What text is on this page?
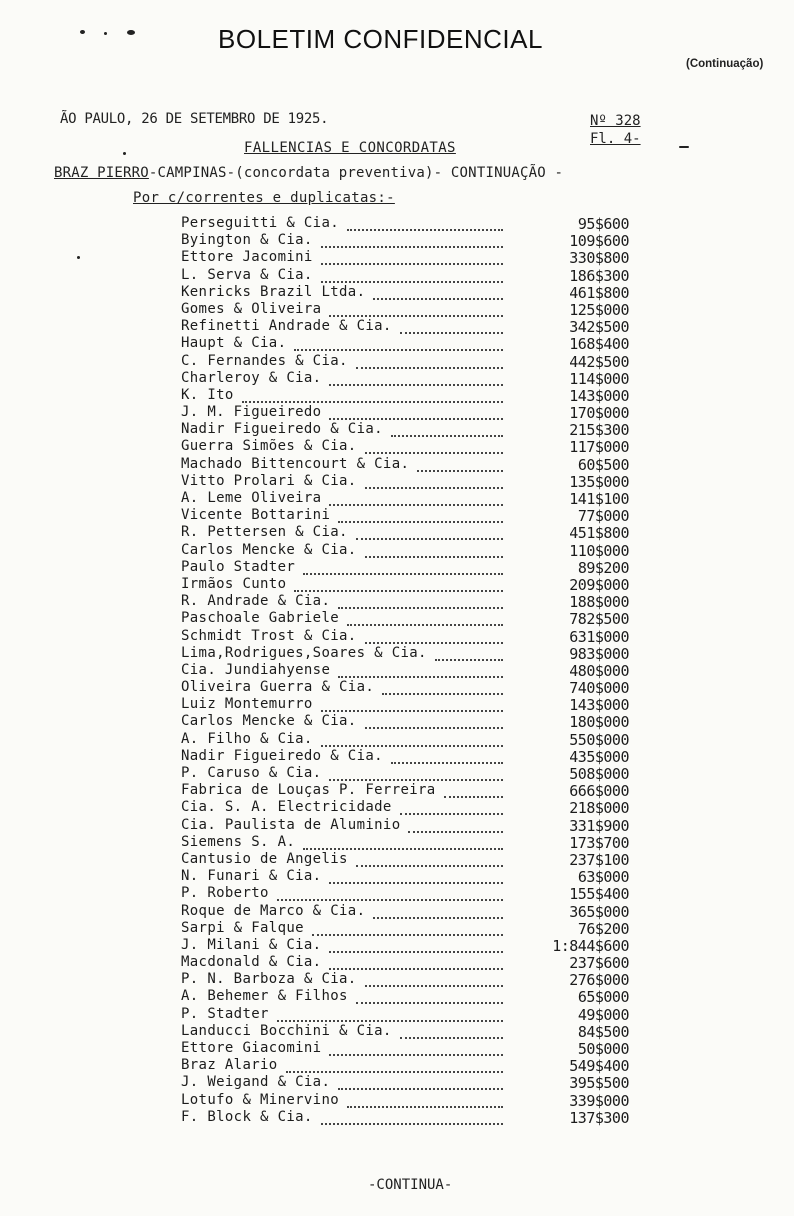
BOLETIM CONFIDENCIAL
(Continuação)
ÃO PAULO, 26 DE SETEMBRO DE 1925.	Nº 328
Fl. 4-
FALLENCIAS E CONCORDATAS
BRAZ PIERRO-CAMPINAS-(concordata preventiva)- CONTINUAÇÃO -
Por c/correntes e duplicatas:-
Perseguitti & Cia.	95$600
Byington & Cia.	109$600
Ettore Jacomini	330$800
L. Serva & Cia.	186$300
Kenricks Brazil Ltda.	461$800
Gomes & Oliveira	125$000
Refinetti Andrade & Cia.	342$500
Haupt & Cia.	168$400
C. Fernandes & Cia.	442$500
Charleroy & Cia.	114$000
K. Ito	143$000
J. M. Figueiredo	170$000
Nadir Figueiredo & Cia.	215$300
Guerra Simões & Cia.	117$000
Machado Bittencourt & Cia.	60$500
Vitto Prolari & Cia.	135$000
A. Leme Oliveira	141$100
Vicente Bottarini	77$000
R. Pettersen & Cia.	451$800
Carlos Mencke & Cia.	110$000
Paulo Stadter	89$200
Irmãos Cunto	209$000
R. Andrade & Cia.	188$000
Paschoale Gabriele	782$500
Schmidt Trost & Cia.	631$000
Lima,Rodrigues,Soares & Cia.	983$000
Cia. Jundiahyense	480$000
Oliveira Guerra & Cia.	740$000
Luiz Montemurro	143$000
Carlos Mencke & Cia.	180$000
A. Filho & Cia.	550$000
Nadir Figueiredo & Cia.	435$000
P. Caruso & Cia.	508$000
Fabrica de Louças P. Ferreira	666$000
Cia. S. A. Electricidade	218$000
Cia. Paulista de Aluminio	331$900
Siemens S. A.	173$700
Cantusio de Angelis	237$100
N. Funari & Cia.	63$000
P. Roberto	155$400
Roque de Marco & Cia.	365$000
Sarpi & Falque	76$200
J. Milani & Cia.	1:844$600
Macdonald & Cia.	237$600
P. N. Barboza & Cia.	276$000
A. Behemer & Filhos	65$000
P. Stadter	49$000
Landucci Bocchini & Cia.	84$500
Ettore Giacomini	50$000
Braz Alario	549$400
J. Weigand & Cia.	395$500
Lotufo & Minervino	339$000
F. Block & Cia.	137$300
-CONTINUA-
